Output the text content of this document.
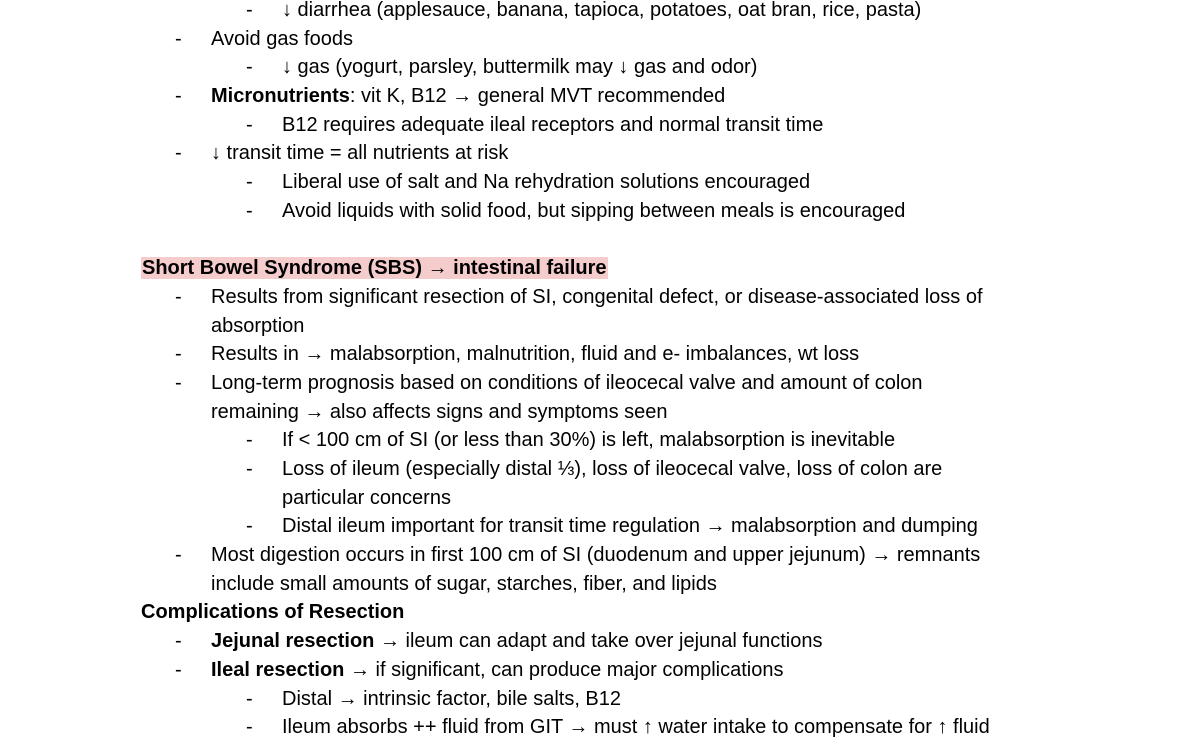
- ↓ diarrhea (applesauce, banana, tapioca, potatoes, oat bran, rice, pasta)
- Avoid gas foods
- ↓ gas (yogurt, parsley, buttermilk may ↓ gas and odor)
- Micronutrients: vit K, B12 → general MVT recommended
- B12 requires adequate ileal receptors and normal transit time
- ↓ transit time = all nutrients at risk
- Liberal use of salt and Na rehydration solutions encouraged
- Avoid liquids with solid food, but sipping between meals is encouraged
Short Bowel Syndrome (SBS) → intestinal failure
- Results from significant resection of SI, congenital defect, or disease-associated loss of
absorption
- Results in → malabsorption, malnutrition, fluid and e- imbalances, wt loss
- Long-term prognosis based on conditions of ileocecal valve and amount of colon
remaining → also affects signs and symptoms seen
- If < 100 cm of SI (or less than 30%) is left, malabsorption is inevitable
- Loss of ileum (especially distal ⅓), loss of ileocecal valve, loss of colon are
particular concerns
- Distal ileum important for transit time regulation → malabsorption and dumping
- Most digestion occurs in first 100 cm of SI (duodenum and upper jejunum) → remnants
include small amounts of sugar, starches, fiber, and lipids
Complications of Resection
- Jejunal resection → ileum can adapt and take over jejunal functions
- Ileal resection → if significant, can produce major complications
- Distal → intrinsic factor, bile salts, B12
- Ileum absorbs ++ fluid from GIT → must ↑ water intake to compensate for ↑ fluid
